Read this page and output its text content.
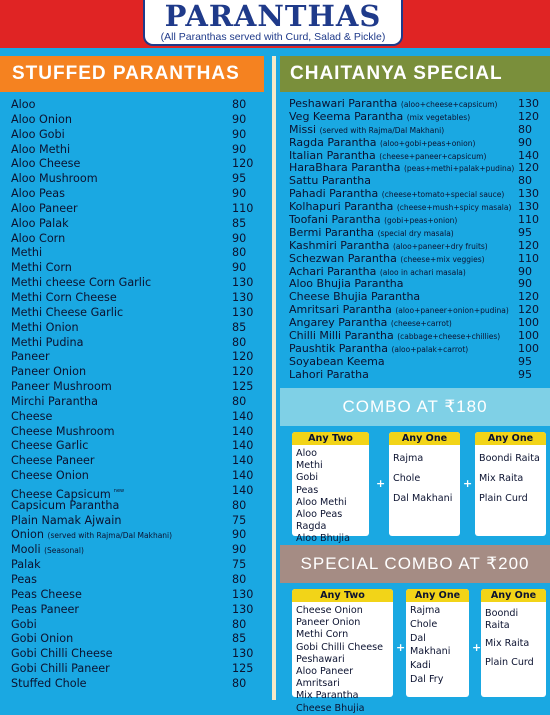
PARANTHAS
(All Paranthas served with Curd, Salad & Pickle)
STUFFED PARANTHAS
Aloo	80
Aloo Onion	90
Aloo Gobi	90
Aloo Methi	90
Aloo Cheese	120
Aloo Mushroom	95
Aloo Peas	90
Aloo Paneer	110
Aloo Palak	85
Aloo Corn	90
Methi	80
Methi Corn	90
Methi cheese Corn Garlic	130
Methi Corn Cheese	130
Methi Cheese Garlic	130
Methi Onion	85
Methi Pudina	80
Paneer	120
Paneer Onion	120
Paneer Mushroom	125
Mirchi Parantha	80
Cheese	140
Cheese Mushroom	140
Cheese Garlic	140
Cheese Paneer	140
Cheese Onion	140
Cheese Capsicum $^{new}$	140
Capsicum Parantha	80
Plain Namak Ajwain	75
Onion (served with Rajma/Dal Makhani)	90
Mooli (Seasonal)	90
Palak	75
Peas	80
Peas Cheese	130
Peas Paneer	130
Gobi	80
Gobi Onion	85
Gobi Chilli Cheese	130
Gobi Chilli Paneer	125
Stuffed Chole	80
CHAITANYA SPECIAL
Peshawari Parantha (aloo+cheese+capsicum) 130
Veg Keema Parantha (mix vegetables)	120
Missi (served with Rajma/Dal Makhani)	80
Ragda Parantha (aloo+gobi+peas+onion)	90
Italian Parantha (cheese+paneer+capsicum)	140
HaraBhara Parantha (peas+methi+palak+pudina) 120
Sattu Parantha	80
Pahadi Parantha (cheese+tomato+special sauce) 130
Kolhapuri Parantha (cheese+mush+spicy masala) 130
Toofani Parantha (gobi+peas+onion)	110
Bermi Parantha (special dry masala)	95
Kashmiri Parantha (aloo+paneer+dry fruits)	120
Schezwan Parantha (cheese+mix veggies)	110
Achari Parantha (aloo in achari masala)	90
Aloo Bhujia Parantha	90
Cheese Bhujia Parantha	120
Amritsari Parantha (aloo+paneer+onion+pudina) 120
Angarey Parantha (cheese+carrot)	100
Chilli Milli Parantha (cabbage+cheese+chillies) 100
Paushtik Parantha (aloo+palak+carrot)	100
Soyabean Keema	95
Lahori Paratha	95
COMBO AT ₹180
Any Two
Aloo
Methi
Gobi
Peas
Aloo Methi
Aloo Peas
Ragda
Aloo Bhujia
+
Any One
Rajma
Chole
Dal Makhani
+
Any One
Boondi Raita
Mix Raita
Plain Curd
SPECIAL COMBO AT ₹200
Any Two
Cheese Onion
Paneer Onion
Methi Corn
Gobi Chilli Cheese
Peshawari
Aloo Paneer
Amritsari
Mix Parantha
Cheese Bhujia
+
Any One
Rajma
Chole
Dal Makhani
Kadi
Dal Fry
+
Any One
Boondi Raita
Mix Raita
Plain Curd
